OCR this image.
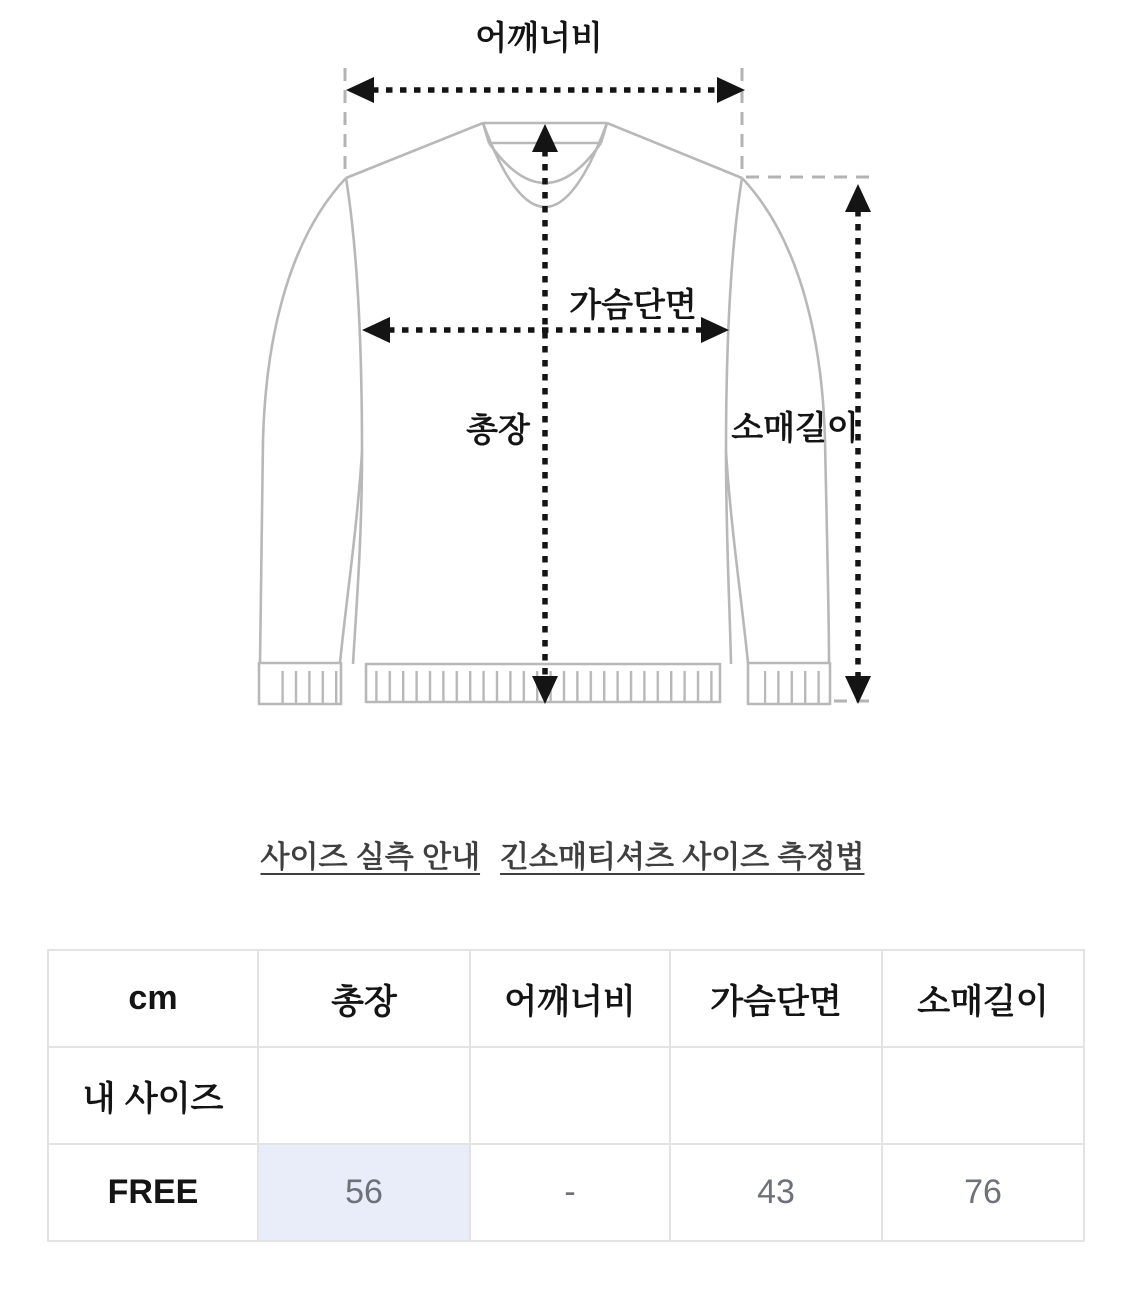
어깨너비
가슴단면
총장	소매길이
사이즈 실측 안내 긴소매티셔츠 사이즈 측정법
cm	총장	어깨너비	가슴단면	소매길이
내 사이즈				
FREE	56	-	43	76
